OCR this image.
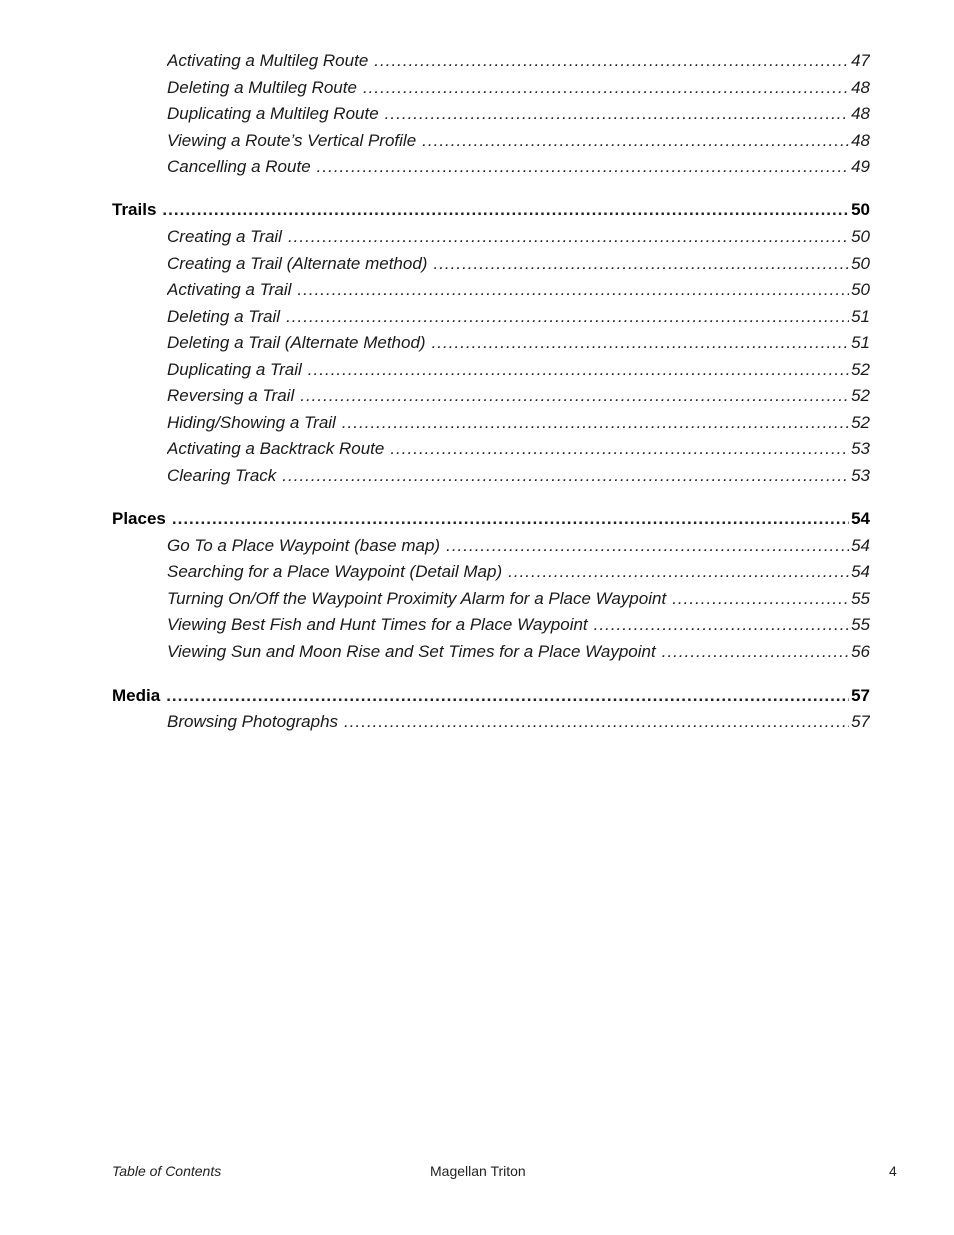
Activating a Multileg Route .....	47
Deleting a Multileg Route .....	48
Duplicating a Multileg Route .....	48
Viewing a Route’s Vertical Profile .....	48
Cancelling a Route .....	49
Trails .....	50
Creating a Trail .....	50
Creating a Trail (Alternate method) .....	50
Activating a Trail .....	50
Deleting a Trail .....	51
Deleting a Trail (Alternate Method) .....	51
Duplicating a Trail .....	52
Reversing a Trail .....	52
Hiding/Showing a Trail .....	52
Activating a Backtrack Route .....	53
Clearing Track .....	53
Places .....	54
Go To a Place Waypoint (base map) .....	54
Searching for a Place Waypoint (Detail Map) .....	54
Turning On/Off the Waypoint Proximity Alarm for a Place Waypoint .....	55
Viewing Best Fish and Hunt Times for a Place Waypoint .....	55
Viewing Sun and Moon Rise and Set Times for a Place Waypoint .....	56
Media .....	57
Browsing Photographs .....	57
Table of Contents	Magellan Triton	4
